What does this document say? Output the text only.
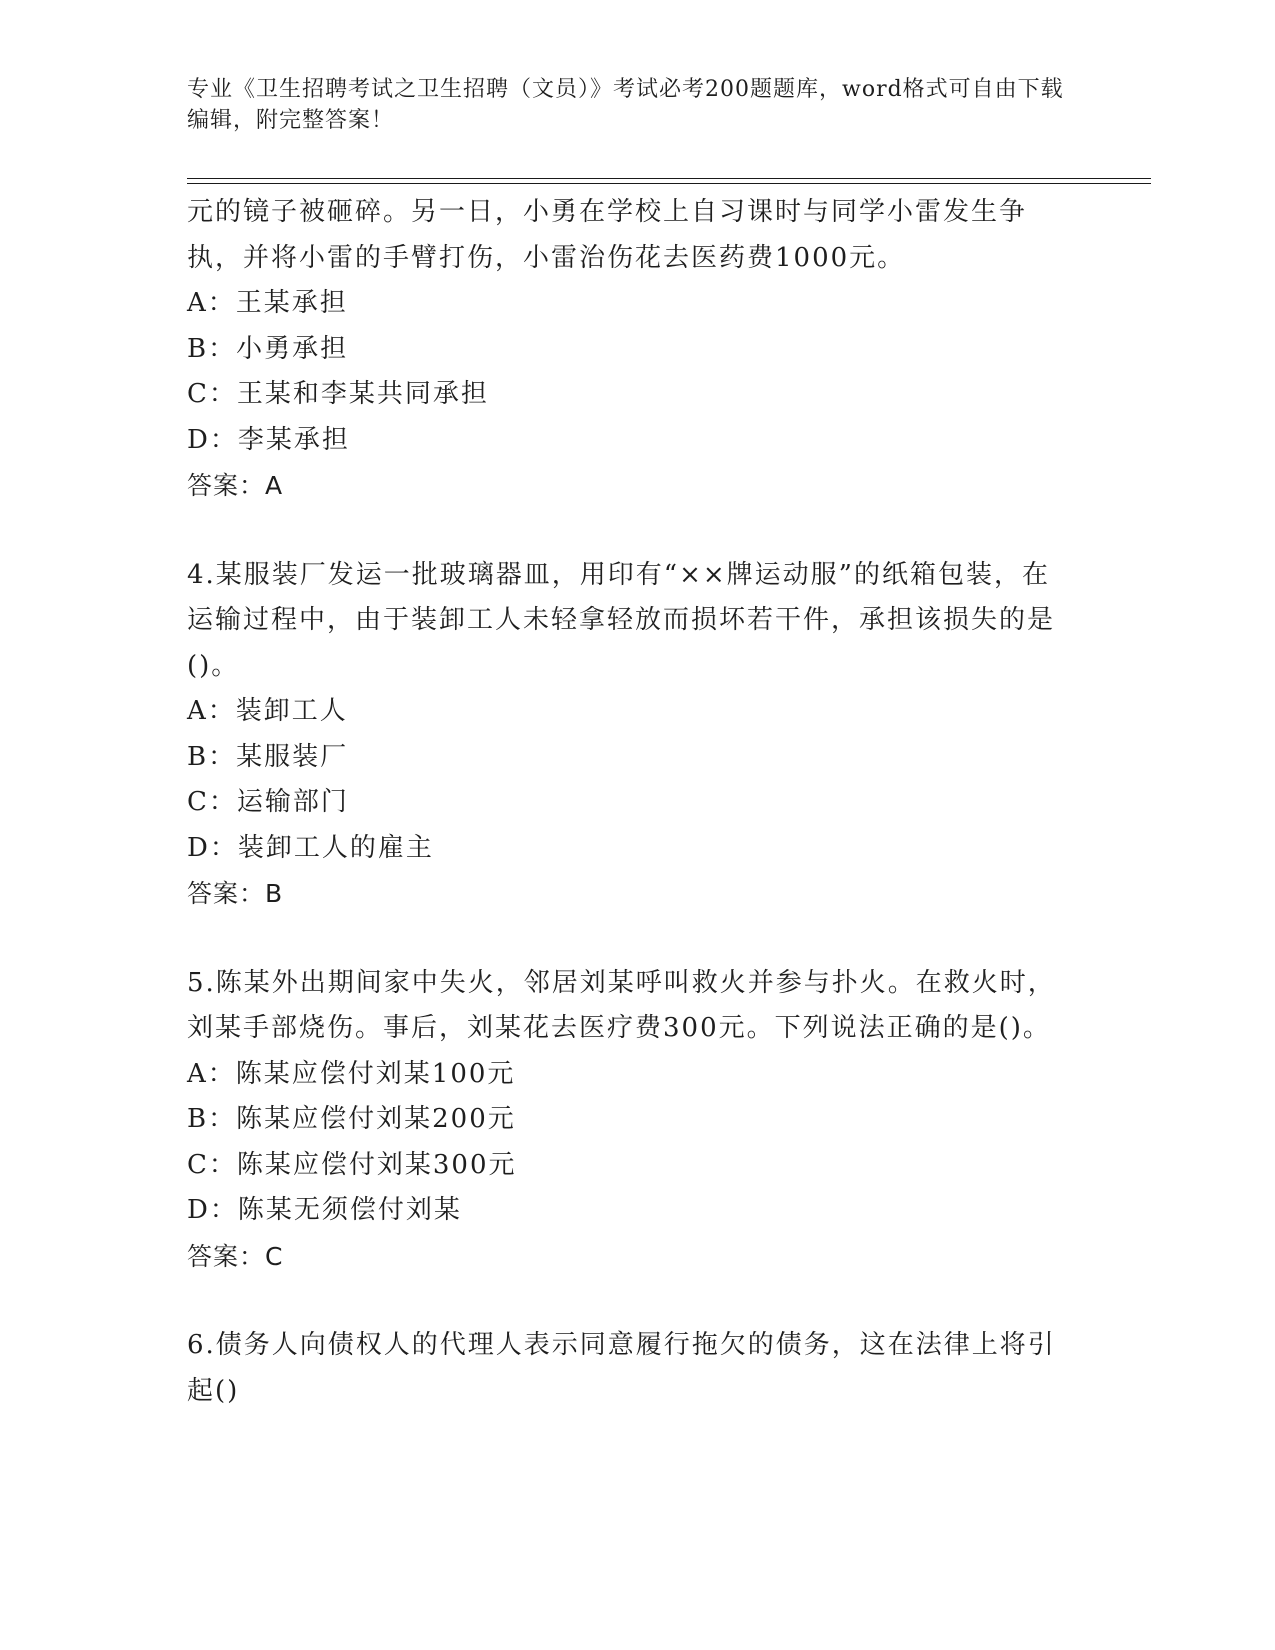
专业《卫生招聘考试之卫生招聘（文员）》考试必考200题题库，word格式可自由下载编辑，附完整答案！

元的镜子被砸碎。另一日，小勇在学校上自习课时与同学小雷发生争执，并将小雷的手臂打伤，小雷治伤花去医药费1000元。

A：王某承担

B：小勇承担

C：王某和李某共同承担

D：李某承担

答案：A

4.某服装厂发运一批玻璃器皿，用印有“××牌运动服”的纸箱包装，在运输过程中，由于装卸工人未轻拿轻放而损坏若干件，承担该损失的是()。

A：装卸工人

B：某服装厂

C：运输部门

D：装卸工人的雇主

答案：B

5.陈某外出期间家中失火，邻居刘某呼叫救火并参与扑火。在救火时，刘某手部烧伤。事后，刘某花去医疗费300元。下列说法正确的是()。

A：陈某应偿付刘某100元

B：陈某应偿付刘某200元

C：陈某应偿付刘某300元

D：陈某无须偿付刘某

答案：C

6.债务人向债权人的代理人表示同意履行拖欠的债务，这在法律上将引起()
